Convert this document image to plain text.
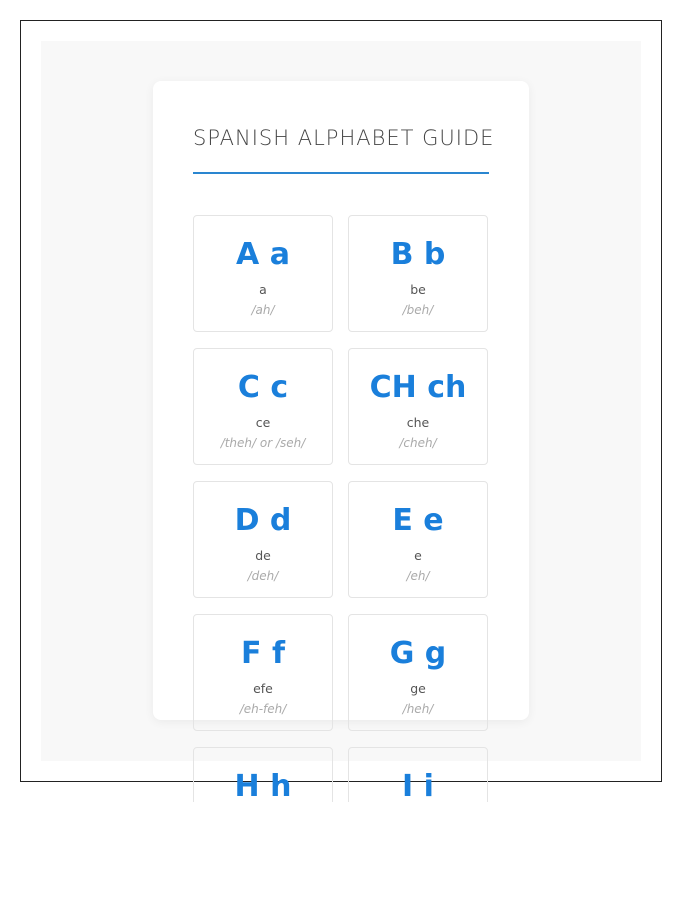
SPANISH ALPHABET GUIDE
A a
a
/ah/
B b
be
/beh/
C c
ce
/theh/ or /seh/
CH ch
che
/cheh/
D d
de
/deh/
E e
e
/eh/
F f
efe
/eh-feh/
G g
ge
/heh/
H h	I i
